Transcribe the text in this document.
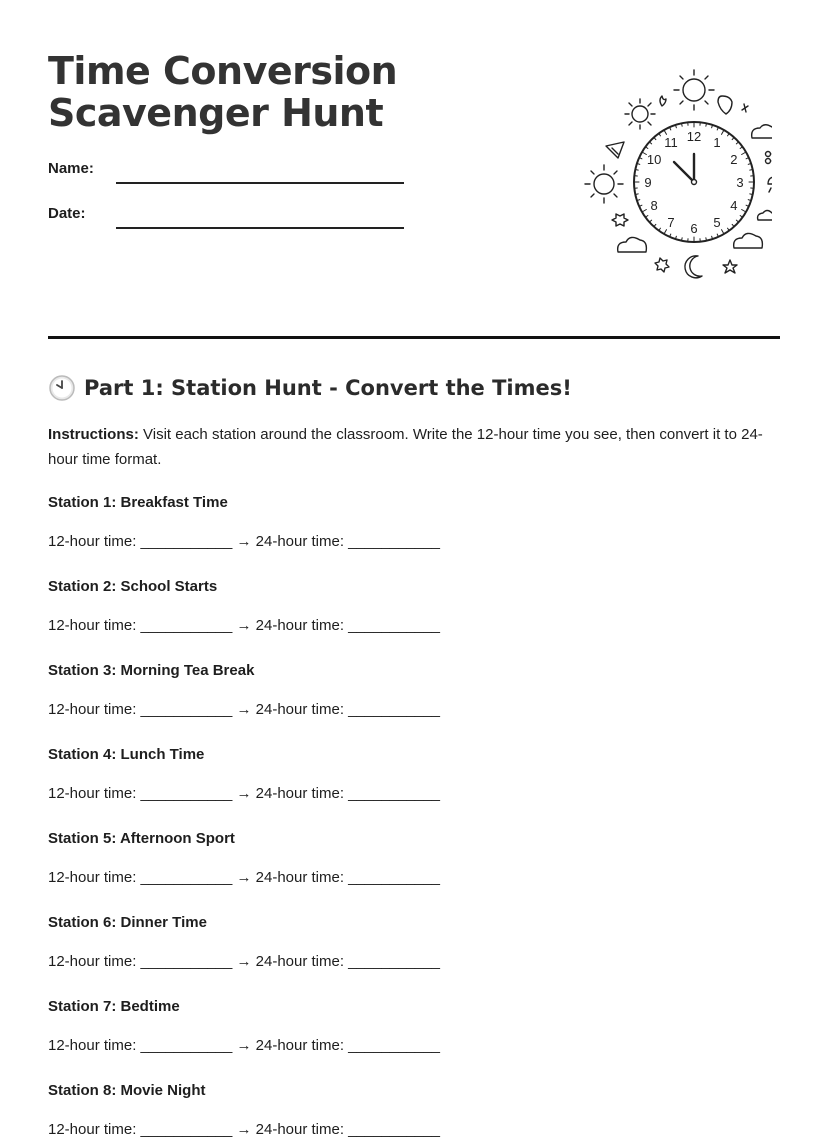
Time Conversion
Scavenger Hunt
Name:
Date:
12 1
2
3
4
5
6
7
8
9
10
11
Part 1: Station Hunt - Convert the Times!

Instructions: Visit each station around the classroom. Write the 12-hour time you see, then convert it to 24-hour time format.

Station 1: Breakfast Time

12-hour time: ___________ → 24-hour time: ___________

Station 2: School Starts

12-hour time: ___________ → 24-hour time: ___________

Station 3: Morning Tea Break

12-hour time: ___________ → 24-hour time: ___________

Station 4: Lunch Time

12-hour time: ___________ → 24-hour time: ___________

Station 5: Afternoon Sport

12-hour time: ___________ → 24-hour time: ___________

Station 6: Dinner Time

12-hour time: ___________ → 24-hour time: ___________

Station 7: Bedtime

12-hour time: ___________ → 24-hour time: ___________

Station 8: Movie Night

12-hour time: ___________ → 24-hour time: ___________
